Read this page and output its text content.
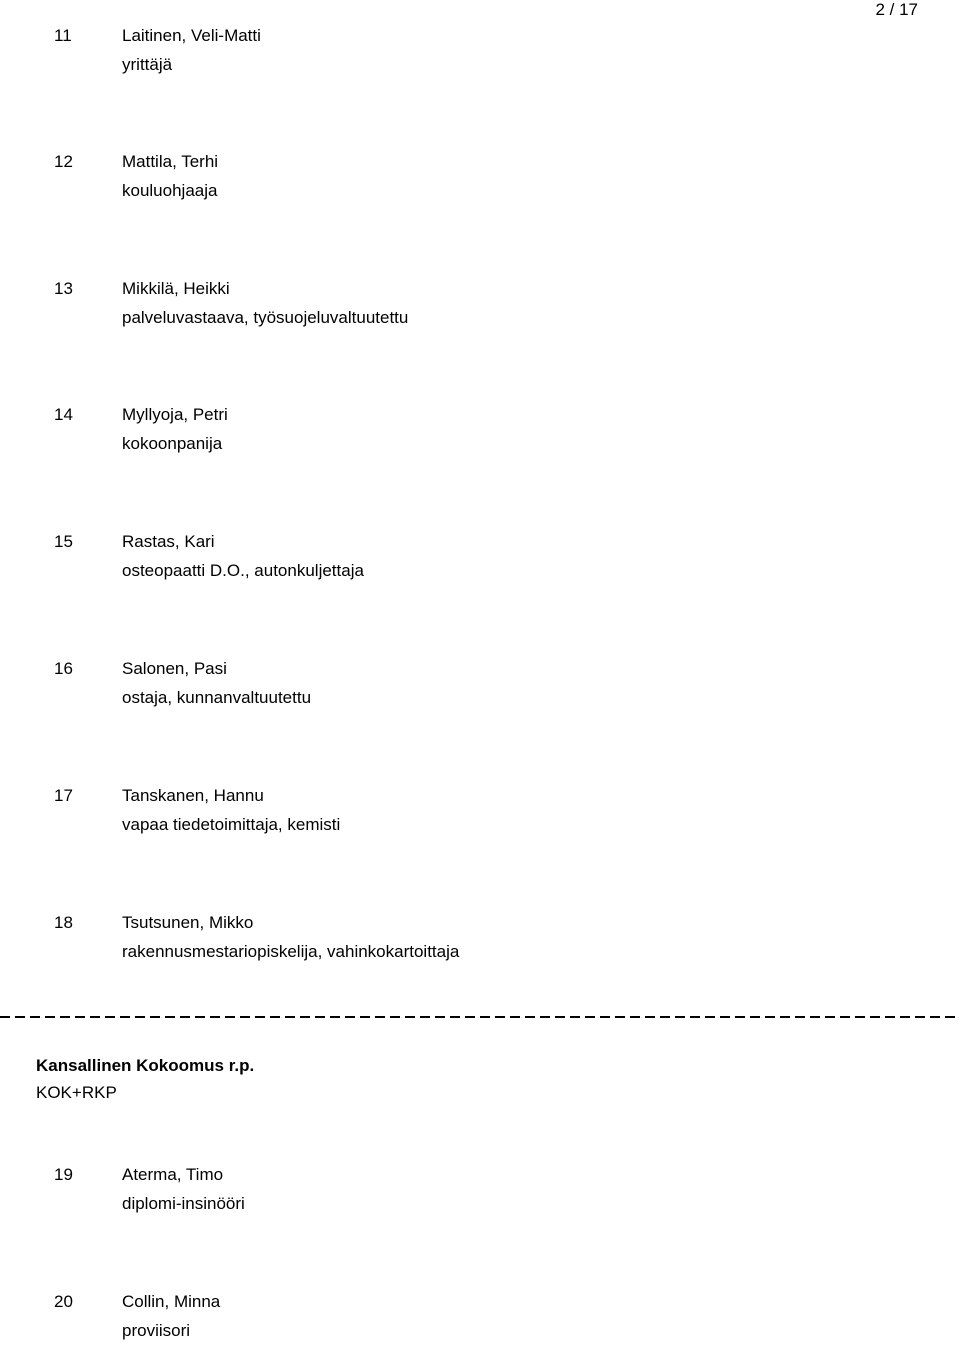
2 / 17
11	Laitinen, Veli-Matti
yrittäjä
12	Mattila, Terhi
kouluohjaaja
13	Mikkilä, Heikki
palveluvastaava, työsuojeluvaltuutettu
14	Myllyoja, Petri
kokoonpanija
15	Rastas, Kari
osteopaatti D.O., autonkuljettaja
16	Salonen, Pasi
ostaja, kunnanvaltuutettu
17	Tanskanen, Hannu
vapaa tiedetoimittaja, kemisti
18	Tsutsunen, Mikko
rakennusmestariopiskelija, vahinkokartoittaja
Kansallinen Kokoomus r.p.
KOK+RKP
19	Aterma, Timo
diplomi-insinööri
20	Collin, Minna
proviisori
